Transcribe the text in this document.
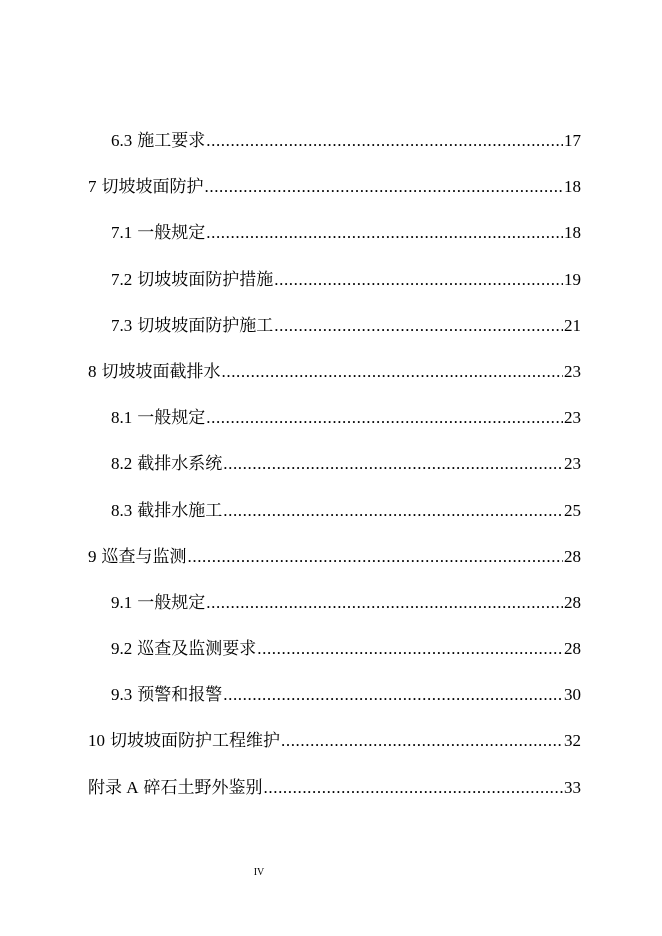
6.3 施工要求 .....	17
7 切坡坡面防护 .....	18
7.1 一般规定 .....	18
7.2 切坡坡面防护措施 .....	19
7.3 切坡坡面防护施工 .....	21
8 切坡坡面截排水 .....	23
8.1 一般规定 .....	23
8.2 截排水系统 .....	23
8.3 截排水施工 .....	25
9 巡查与监测 .....	28
9.1 一般规定 .....	28
9.2 巡查及监测要求 .....	28
9.3 预警和报警 .....	30
10 切坡坡面防护工程维护 .....	32
附录 A 碎石土野外鉴别 .....	33
IV
